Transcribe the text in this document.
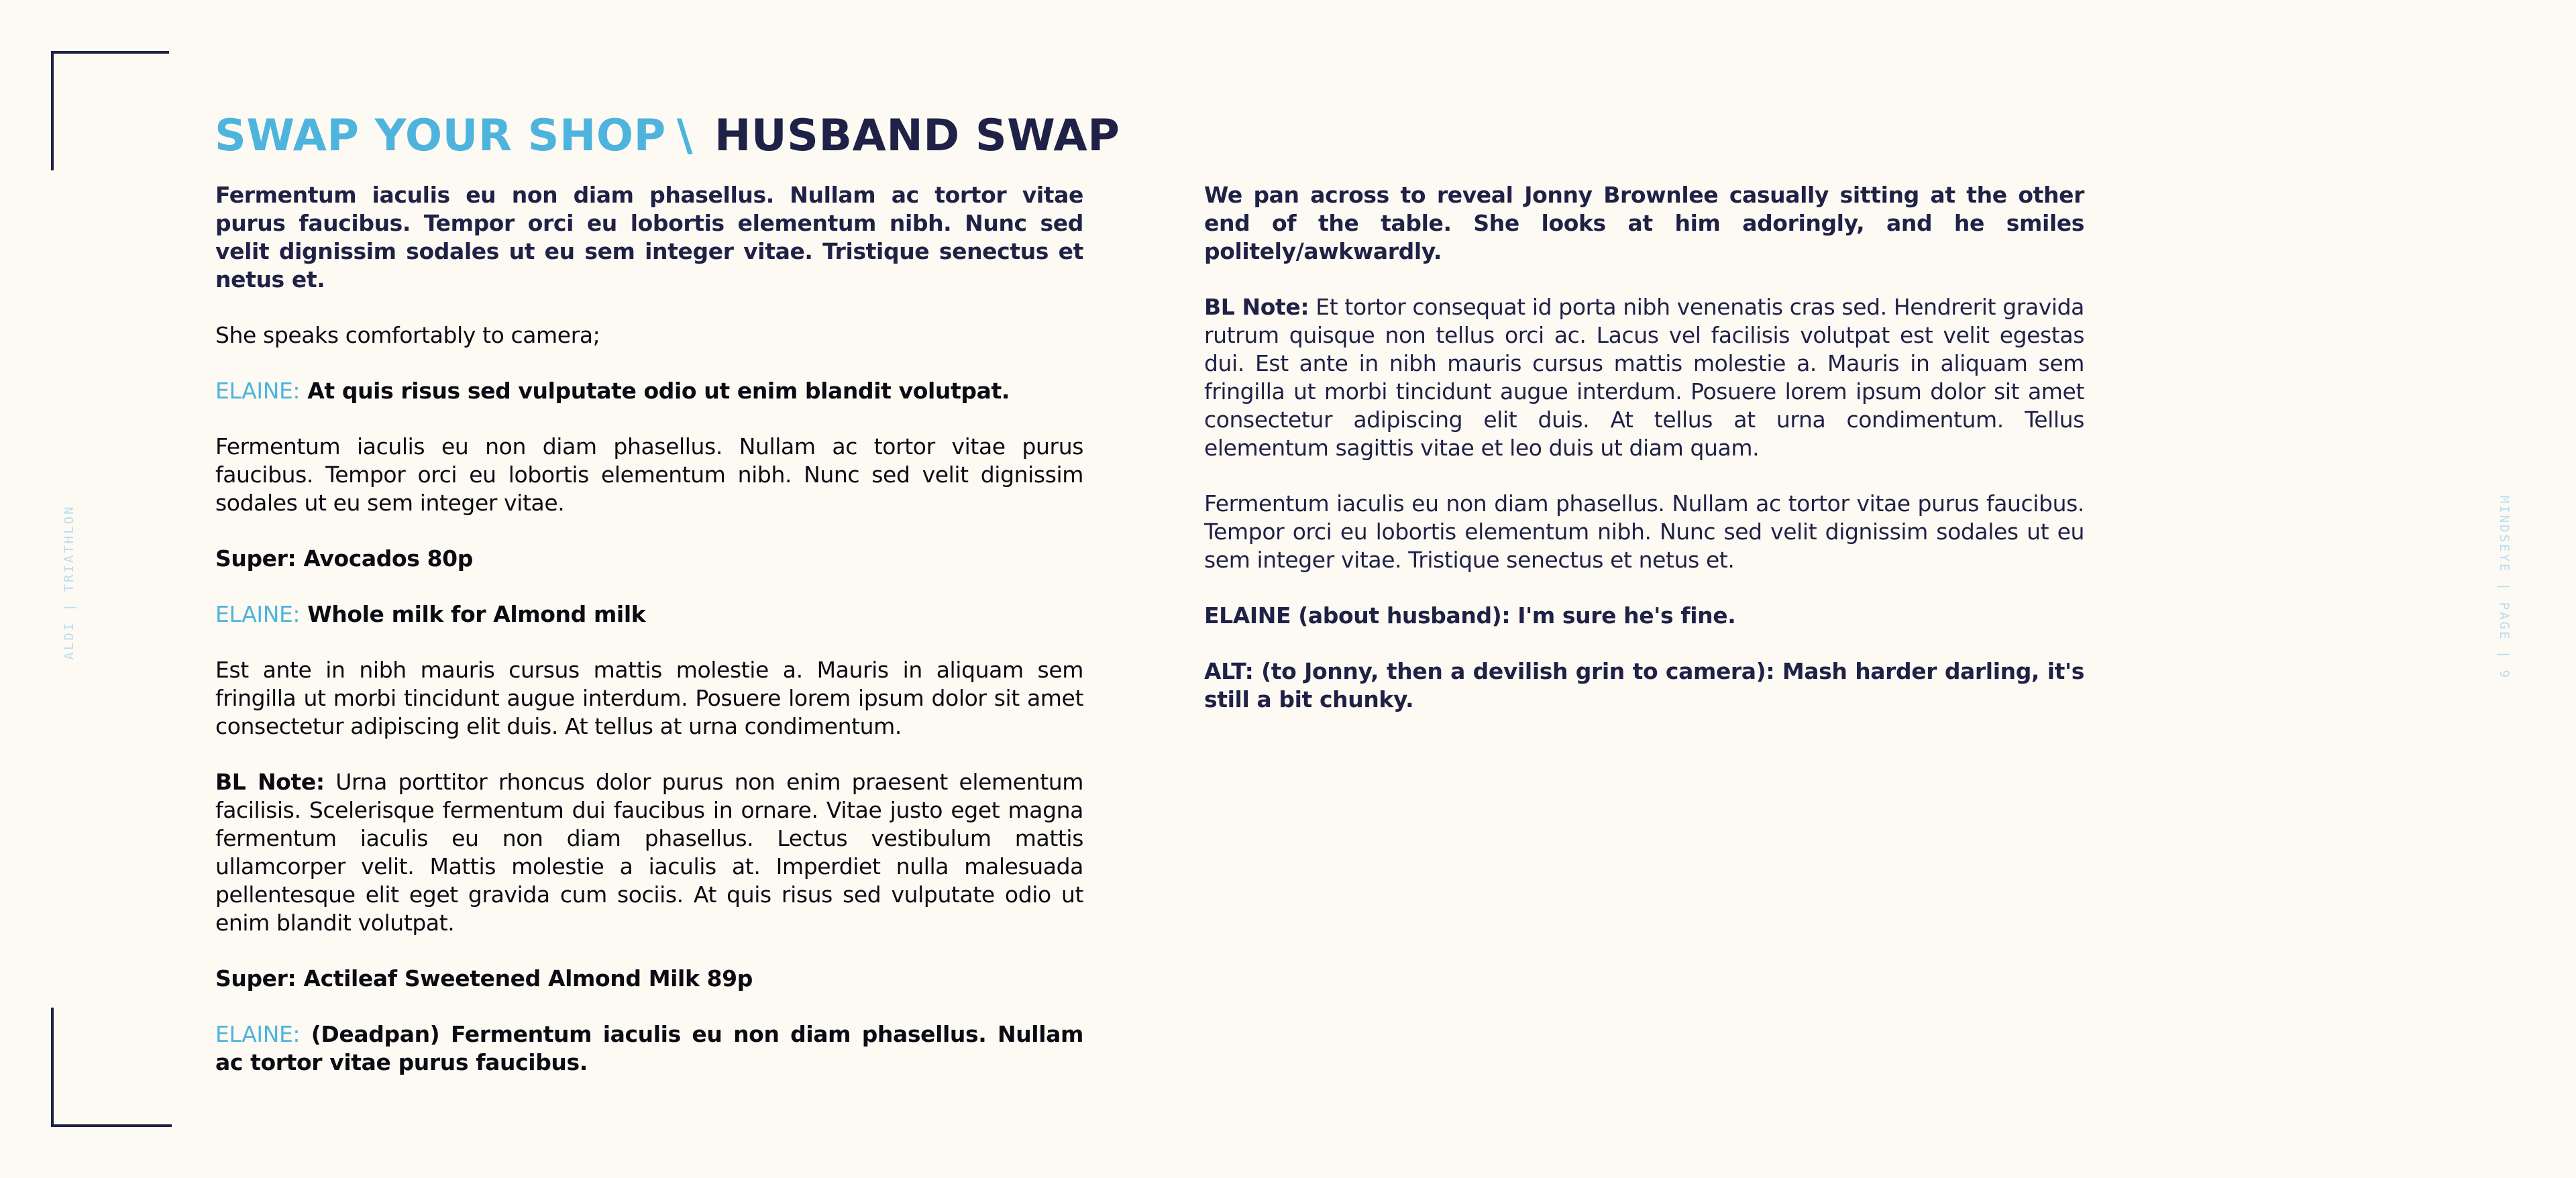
ALDI | TRIATHLON	MINDSEYE | PAGE | 9
SWAP YOUR SHOP \ HUSBAND SWAP

Fermentum iaculis eu non diam phasellus. Nullam ac tortor vitae purus faucibus. Tempor orci eu lobortis elementum nibh. Nunc sed velit dignissim sodales ut eu sem integer vitae. Tristique senectus et netus et.

She speaks comfortably to camera;

ELAINE: At quis risus sed vulputate odio ut enim blandit volutpat.

Fermentum iaculis eu non diam phasellus. Nullam ac tortor vitae purus faucibus. Tempor orci eu lobortis elementum nibh. Nunc sed velit dignissim sodales ut eu sem integer vitae.

Super: Avocados 80p

ELAINE: Whole milk for Almond milk

Est ante in nibh mauris cursus mattis molestie a. Mauris in aliquam sem fringilla ut morbi tincidunt augue interdum. Posuere lorem ipsum dolor sit amet consectetur adipiscing elit duis. At tellus at urna condimentum.

BL Note: Urna porttitor rhoncus dolor purus non enim praesent elementum facilisis. Scelerisque fermentum dui faucibus in ornare. Vitae justo eget magna fermentum iaculis eu non diam phasellus. Lectus vestibulum mattis ullamcorper velit. Mattis molestie a iaculis at. Imperdiet nulla malesuada pellentesque elit eget gravida cum sociis. At quis risus sed vulputate odio ut enim blandit volutpat.

Super: Actileaf Sweetened Almond Milk 89p

ELAINE: (Deadpan) Fermentum iaculis eu non diam phasellus. Nullam ac tortor vitae purus faucibus.

We pan across to reveal Jonny Brownlee casually sitting at the other end of the table. She looks at him adoringly, and he smiles politely/awkwardly.

BL Note: Et tortor consequat id porta nibh venenatis cras sed. Hendrerit gravida rutrum quisque non tellus orci ac. Lacus vel facilisis volutpat est velit egestas dui. Est ante in nibh mauris cursus mattis molestie a. Mauris in aliquam sem fringilla ut morbi tincidunt augue interdum. Posuere lorem ipsum dolor sit amet consectetur adipiscing elit duis. At tellus at urna condimentum. Tellus elementum sagittis vitae et leo duis ut diam quam.

Fermentum iaculis eu non diam phasellus. Nullam ac tortor vitae purus faucibus. Tempor orci eu lobortis elementum nibh. Nunc sed velit dignissim sodales ut eu sem integer vitae. Tristique senectus et netus et.

ELAINE (about husband): I'm sure he's fine.

ALT: (to Jonny, then a devilish grin to camera): Mash harder darling, it's still a bit chunky.
